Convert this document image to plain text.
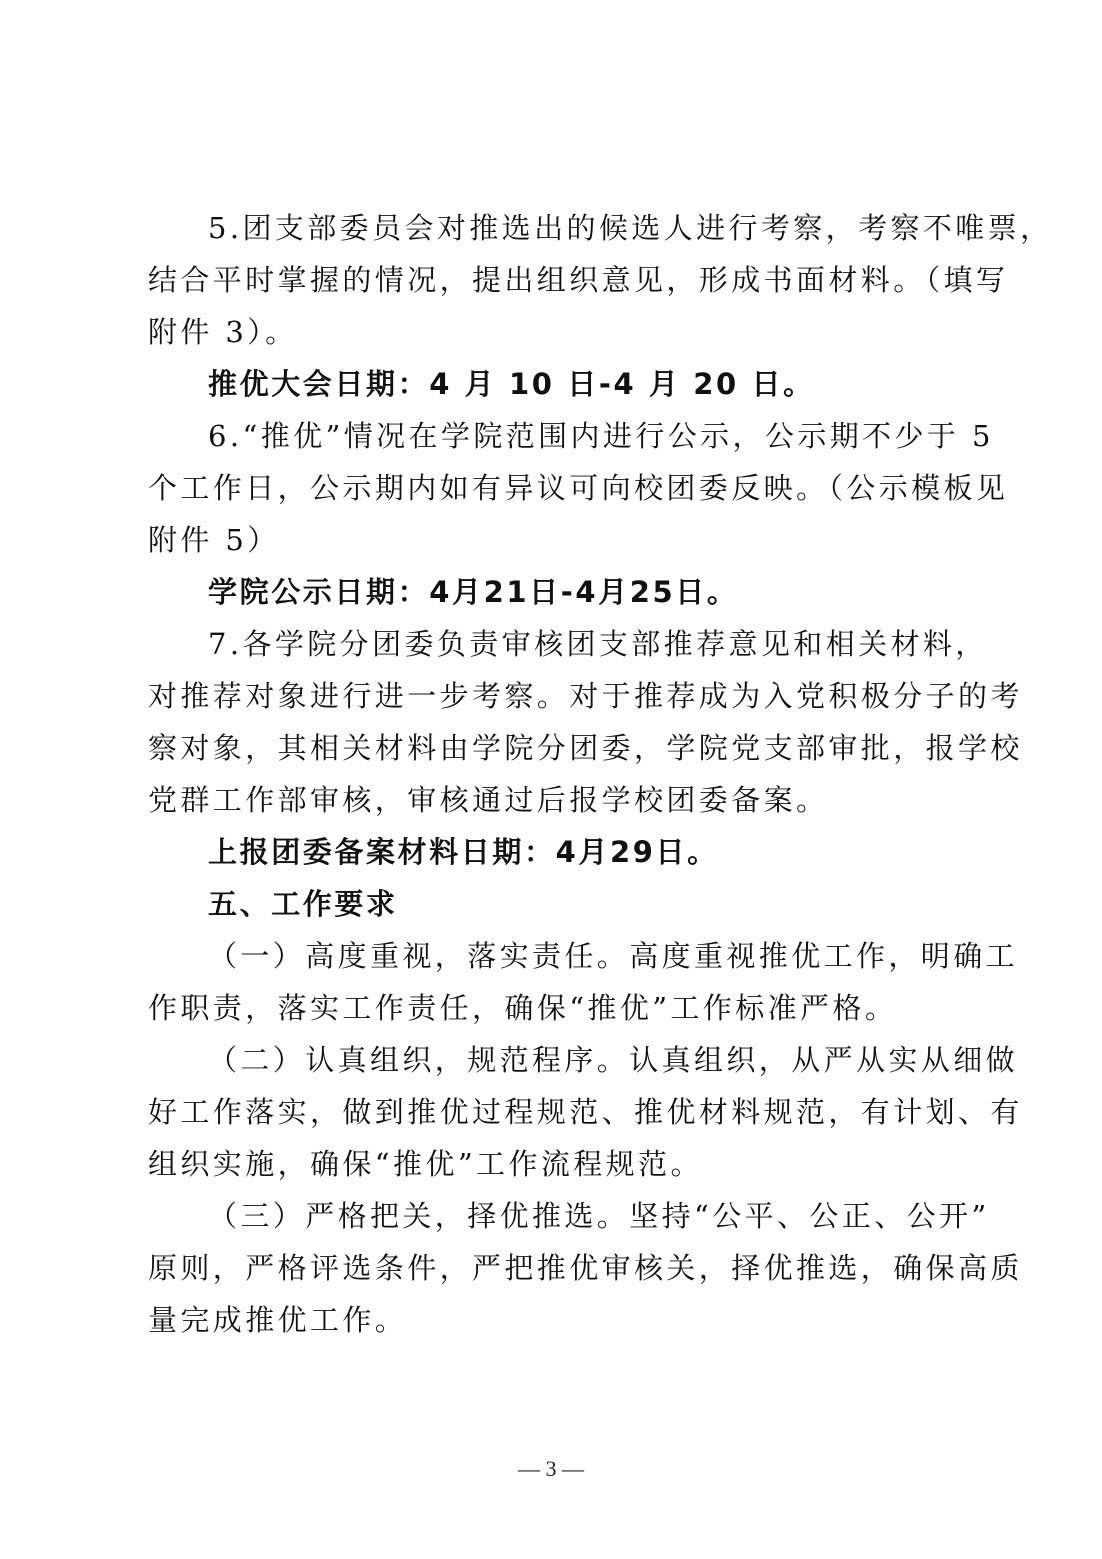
5.团支部委员会对推选出的候选人进行考察，考察不唯票，
结合平时掌握的情况，提出组织意见，形成书面材料。（填写
附件 3）。
推优大会日期：4 月 10 日-4 月 20 日。
6.“推优”情况在学院范围内进行公示，公示期不少于 5
个工作日，公示期内如有异议可向校团委反映。（公示模板见
附件 5）
学院公示日期：4月21日-4月25日。
7.各学院分团委负责审核团支部推荐意见和相关材料，
对推荐对象进行进一步考察。对于推荐成为入党积极分子的考
察对象，其相关材料由学院分团委，学院党支部审批，报学校
党群工作部审核，审核通过后报学校团委备案。
上报团委备案材料日期：4月29日。
五、工作要求
（一）高度重视，落实责任。高度重视推优工作，明确工
作职责，落实工作责任，确保“推优”工作标准严格。
（二）认真组织，规范程序。认真组织，从严从实从细做
好工作落实，做到推优过程规范、推优材料规范，有计划、有
组织实施，确保“推优”工作流程规范。
（三）严格把关，择优推选。坚持“公平、公正、公开”
原则，严格评选条件，严把推优审核关，择优推选，确保高质
量完成推优工作。
— 3 —
